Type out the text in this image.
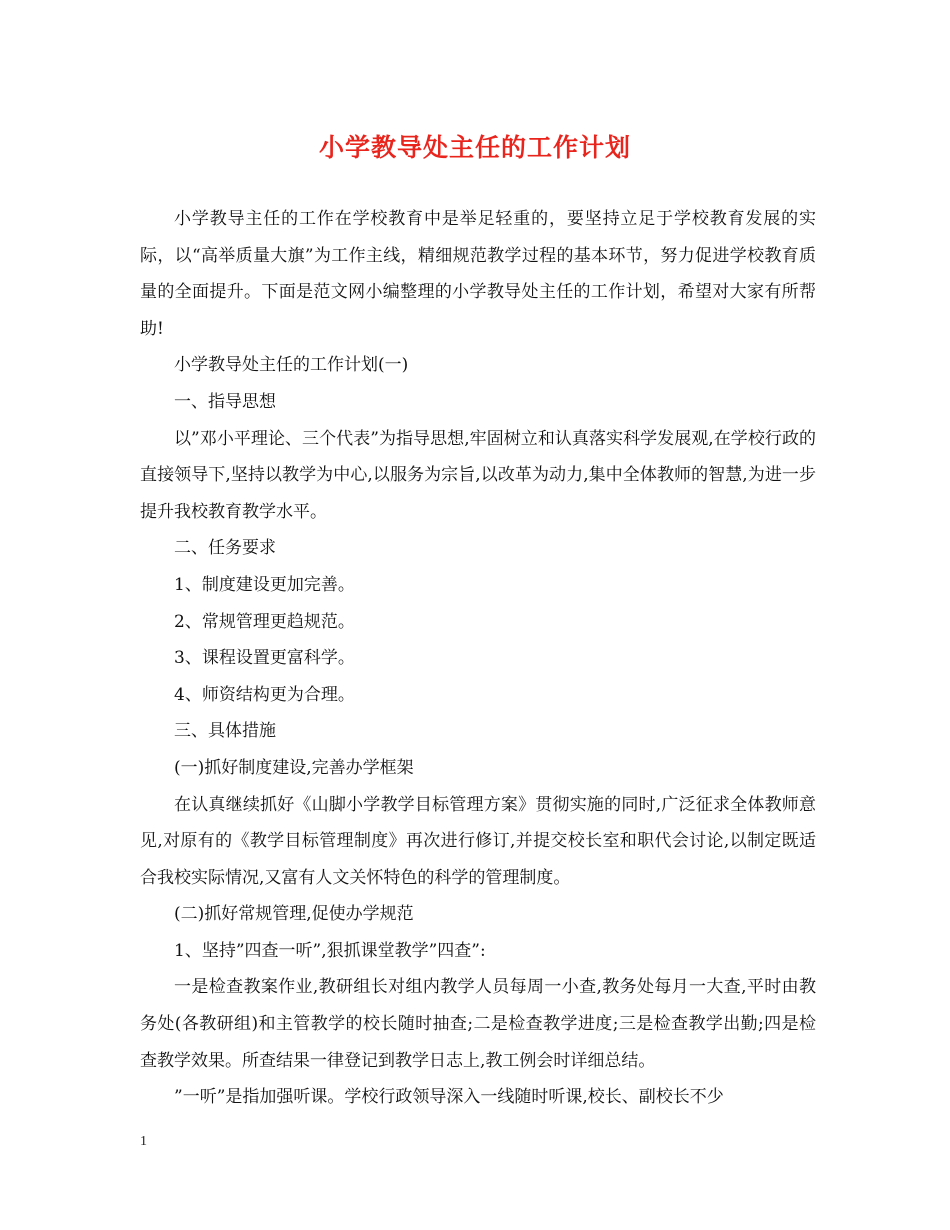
小学教导处主任的工作计划

小学教导主任的工作在学校教育中是举足轻重的，要坚持立足于学校教育发展的实际，以“高举质量大旗”为工作主线，精细规范教学过程的基本环节，努力促进学校教育质量的全面提升。下面是范文网小编整理的小学教导处主任的工作计划，希望对大家有所帮助!

小学教导处主任的工作计划(一)

一、指导思想

以”邓小平理论、三个代表”为指导思想,牢固树立和认真落实科学发展观,在学校行政的直接领导下,坚持以教学为中心,以服务为宗旨,以改革为动力,集中全体教师的智慧,为进一步提升我校教育教学水平。

二、任务要求

1、制度建设更加完善。

2、常规管理更趋规范。

3、课程设置更富科学。

4、师资结构更为合理。

三、具体措施

(一)抓好制度建设,完善办学框架

在认真继续抓好《山脚小学教学目标管理方案》贯彻实施的同时,广泛征求全体教师意见,对原有的《教学目标管理制度》再次进行修订,并提交校长室和职代会讨论,以制定既适合我校实际情况,又富有人文关怀特色的科学的管理制度。

(二)抓好常规管理,促使办学规范

1、坚持”四查一听”,狠抓课堂教学”四查”:

一是检查教案作业,教研组长对组内教学人员每周一小查,教务处每月一大查,平时由教务处(各教研组)和主管教学的校长随时抽查;二是检查教学进度;三是检查教学出勤;四是检查教学效果。所查结果一律登记到教学日志上,教工例会时详细总结。

”一听”是指加强听课。学校行政领导深入一线随时听课,校长、副校长不少

1
